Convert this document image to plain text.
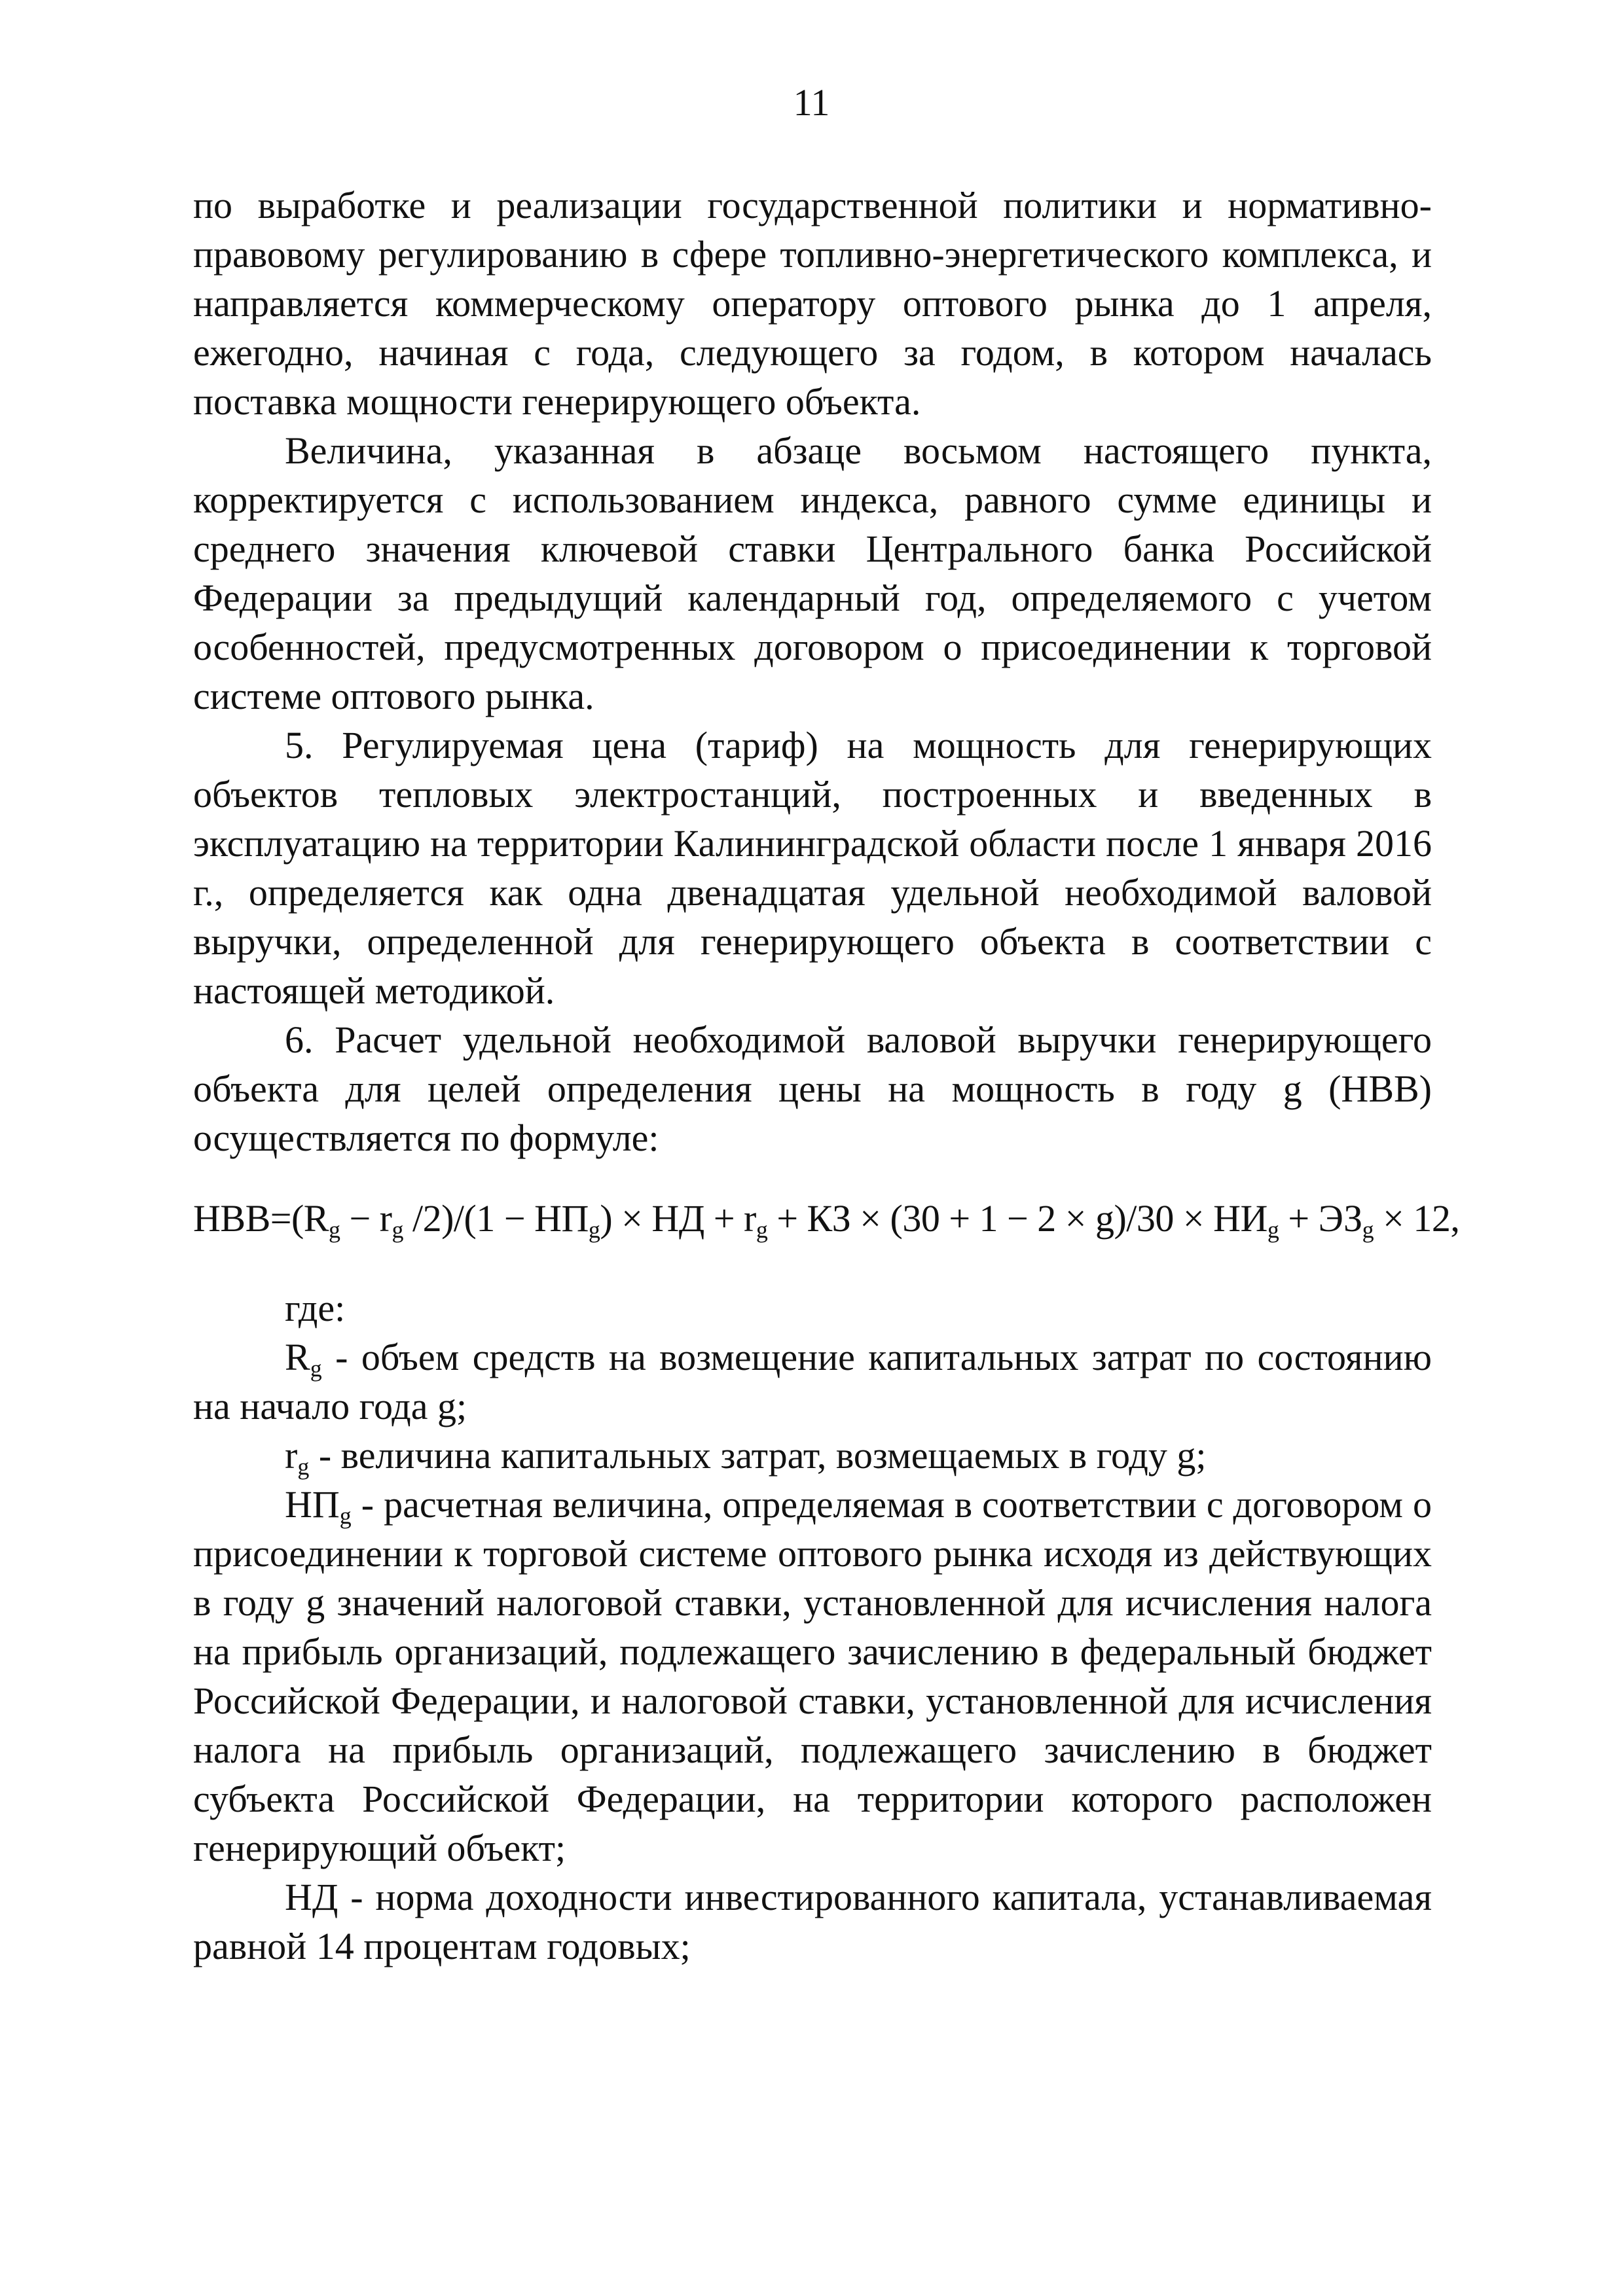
11

по выработке и реализации государственной политики и нормативно-правовому регулированию в сфере топливно-энергетического комплекса, и направляется коммерческому оператору оптового рынка до 1 апреля, ежегодно, начиная с года, следующего за годом, в котором началась поставка мощности генерирующего объекта.

Величина, указанная в абзаце восьмом настоящего пункта, корректируется с использованием индекса, равного сумме единицы и среднего значения ключевой ставки Центрального банка Российской Федерации за предыдущий календарный год, определяемого с учетом особенностей, предусмотренных договором о присоединении к торговой системе оптового рынка.

5. Регулируемая цена (тариф) на мощность для генерирующих объектов тепловых электростанций, построенных и введенных в эксплуатацию на территории Калининградской области после 1 января 2016 г., определяется как одна двенадцатая удельной необходимой валовой выручки, определенной для генерирующего объекта в соответствии с настоящей методикой.

6. Расчет удельной необходимой валовой выручки генерирующего объекта для целей определения цены на мощность в году g (НВВ) осуществляется по формуле:

$НВВ=(R_g - r_g$ $/2)/(1 - НП_g)$ × НД + $r_g$ + КЗ × $(30 + 1 - 2 \times g)/30 \times НИ_g + ЭЗ_g \times 12$,

где:

$R_g$ - объем средств на возмещение капитальных затрат по состоянию на начало года g;

$r_g$ - величина капитальных затрат, возмещаемых в году g;

$НП_g$ - расчетная величина, определяемая в соответствии с договором о присоединении к торговой системе оптового рынка исходя из действующих в году g значений налоговой ставки, установленной для исчисления налога на прибыль организаций, подлежащего зачислению в федеральный бюджет Российской Федерации, и налоговой ставки, установленной для исчисления налога на прибыль организаций, подлежащего зачислению в бюджет субъекта Российской Федерации, на территории которого расположен генерирующий объект;

НД - норма доходности инвестированного капитала, устанавливаемая равной 14 процентам годовых;
